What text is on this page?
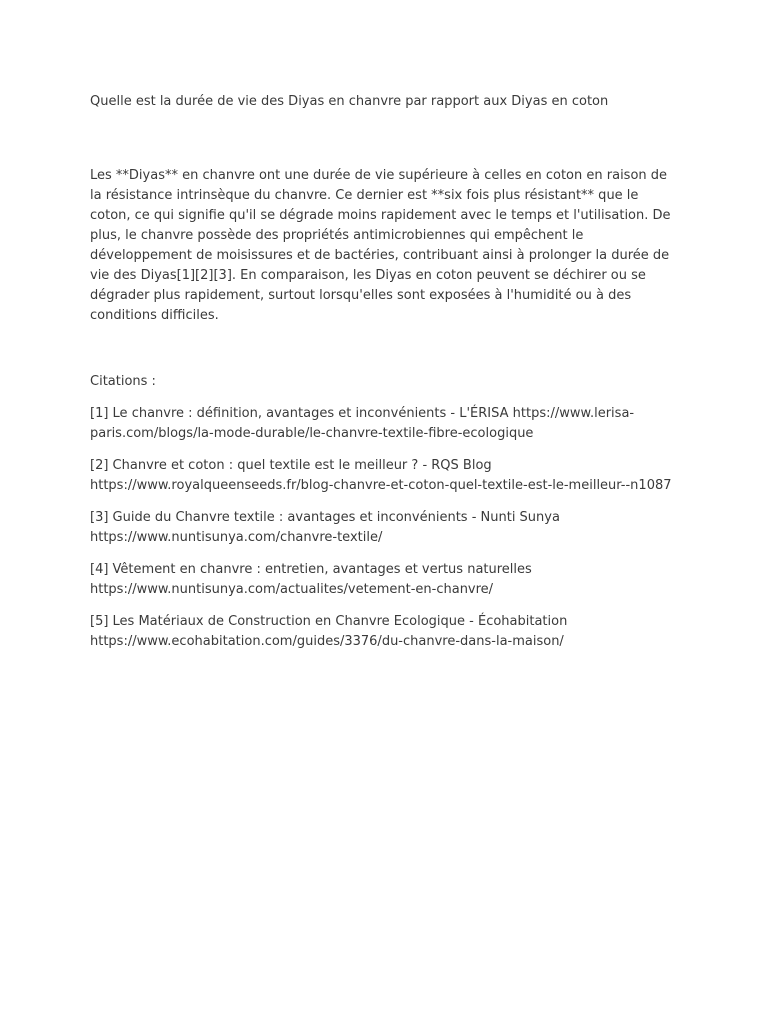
Quelle est la durée de vie des Diyas en chanvre par rapport aux Diyas en coton

Les **Diyas** en chanvre ont une durée de vie supérieure à celles en coton en raison de la résistance intrinsèque du chanvre. Ce dernier est **six fois plus résistant** que le coton, ce qui signifie qu'il se dégrade moins rapidement avec le temps et l'utilisation. De plus, le chanvre possède des propriétés antimicrobiennes qui empêchent le développement de moisissures et de bactéries, contribuant ainsi à prolonger la durée de vie des Diyas[1][2][3]. En comparaison, les Diyas en coton peuvent se déchirer ou se dégrader plus rapidement, surtout lorsqu'elles sont exposées à l'humidité ou à des conditions difficiles.

Citations :

[1] Le chanvre : définition, avantages et inconvénients - L'ÉRISA https://www.lerisa-paris.com/blogs/la-mode-durable/le-chanvre-textile-fibre-ecologique

[2] Chanvre et coton : quel textile est le meilleur ? - RQS Blog
https://www.royalqueenseeds.fr/blog-chanvre-et-coton-quel-textile-est-le-meilleur--n1087

[3] Guide du Chanvre textile : avantages et inconvénients - Nunti Sunya
https://www.nuntisunya.com/chanvre-textile/

[4] Vêtement en chanvre : entretien, avantages et vertus naturelles
https://www.nuntisunya.com/actualites/vetement-en-chanvre/

[5] Les Matériaux de Construction en Chanvre Ecologique - Écohabitation
https://www.ecohabitation.com/guides/3376/du-chanvre-dans-la-maison/
